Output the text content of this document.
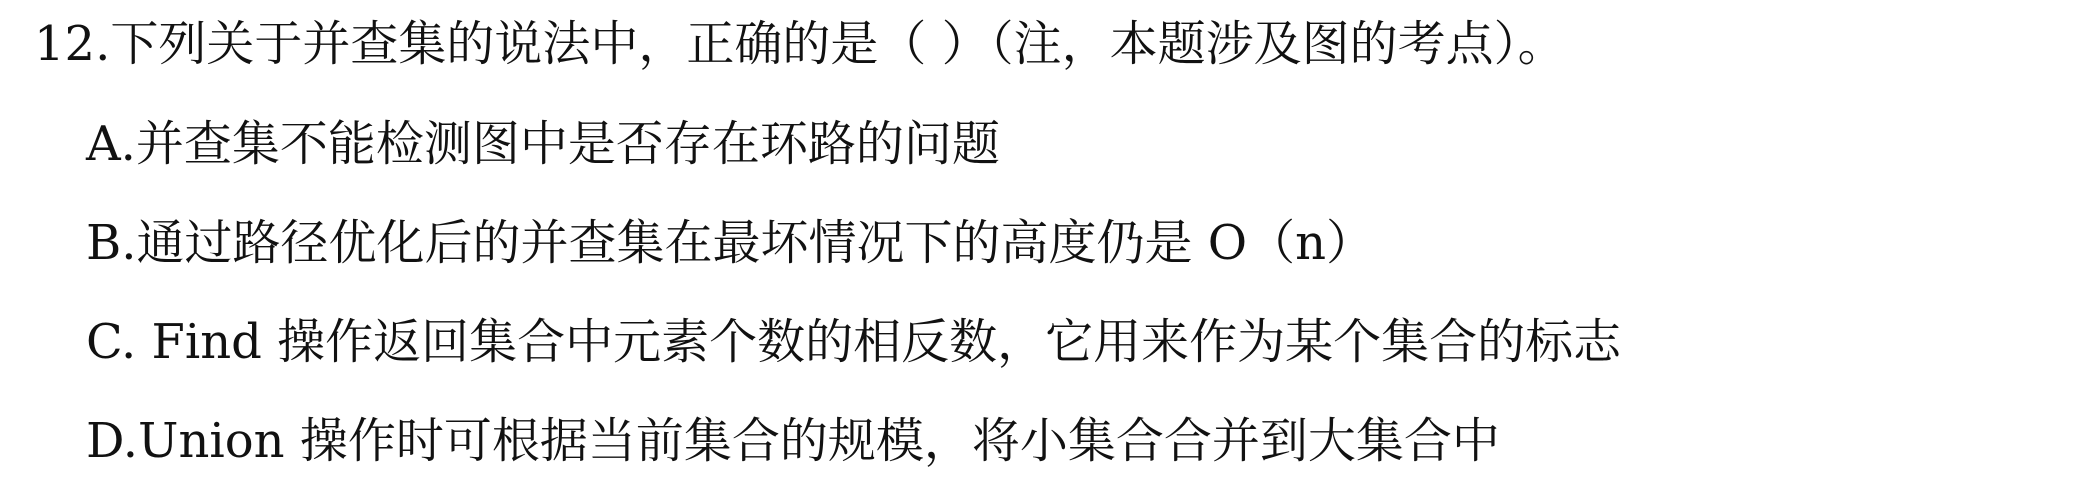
12.下列关于并查集的说法中，正确的是（ ）（注，本题涉及图的考点）。
A.并查集不能检测图中是否存在环路的问题
B.通过路径优化后的并查集在最坏情况下的高度仍是 O（n）
C. Find 操作返回集合中元素个数的相反数，它用来作为某个集合的标志
D.Union 操作时可根据当前集合的规模，将小集合合并到大集合中
